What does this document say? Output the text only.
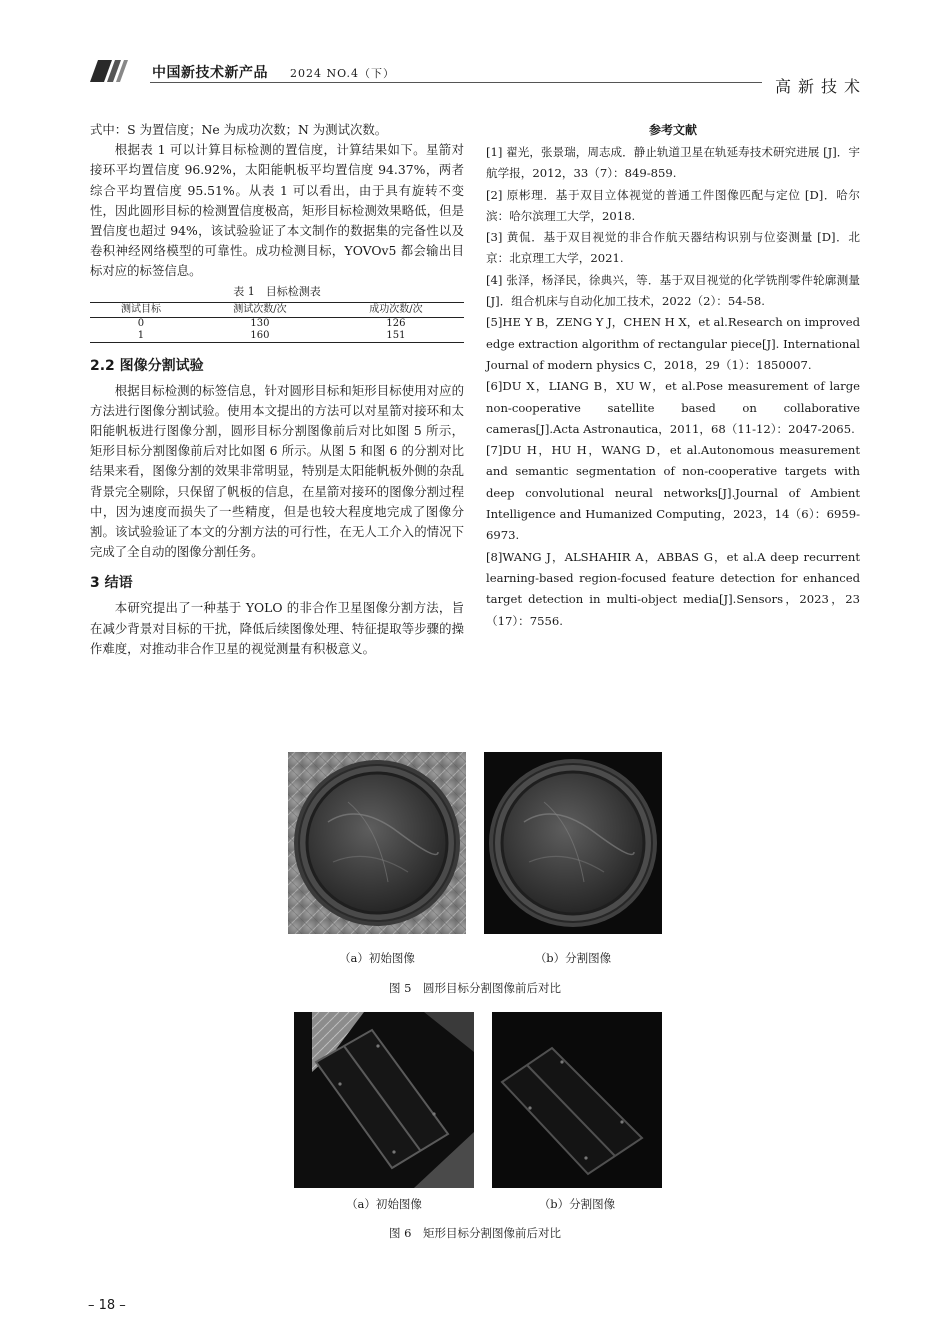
中国新技术新产品 2024 NO.4（下）
高新技术

式中：S 为置信度；Ne 为成功次数；N 为测试次数。

根据表 1 可以计算目标检测的置信度，计算结果如下。星箭对接环平均置信度 96.92%，太阳能帆板平均置信度 94.37%，两者综合平均置信度 95.51%。从表 1 可以看出，由于具有旋转不变性，因此圆形目标的检测置信度极高，矩形目标检测效果略低，但是置信度也超过 94%，该试验验证了本文制作的数据集的完备性以及卷积神经网络模型的可靠性。成功检测目标，YOVOv5 都会输出目标对应的标签信息。

表 1　目标检测表
测试目标	测试次数/次	成功次数/次
0	130	126
1	160	151
2.2 图像分割试验

根据目标检测的标签信息，针对圆形目标和矩形目标使用对应的方法进行图像分割试验。使用本文提出的方法可以对星箭对接环和太阳能帆板进行图像分割，圆形目标分割图像前后对比如图 5 所示，矩形目标分割图像前后对比如图 6 所示。从图 5 和图 6 的分割对比结果来看，图像分割的效果非常明显，特别是太阳能帆板外侧的杂乱背景完全剔除，只保留了帆板的信息，在星箭对接环的图像分割过程中，因为速度而损失了一些精度，但是也较大程度地完成了图像分割。该试验验证了本文的分割方法的可行性，在无人工介入的情况下完成了全自动的图像分割任务。

3 结语

本研究提出了一种基于 YOLO 的非合作卫星图像分割方法，旨在减少背景对目标的干扰，降低后续图像处理、特征提取等步骤的操作难度，对推动非合作卫星的视觉测量有积极意义。

参考文献

[1] 翟光，张景瑞，周志成．静止轨道卫星在轨延寿技术研究进展 [J]．宇航学报，2012，33（7）：849-859.

[2] 原彬理．基于双目立体视觉的普通工件图像匹配与定位 [D]．哈尔滨：哈尔滨理工大学，2018.

[3] 黄侃．基于双目视觉的非合作航天器结构识别与位姿测量 [D]．北京：北京理工大学，2021.

[4] 张泽，杨泽民，徐典兴，等．基于双目视觉的化学铣削零件轮廓测量 [J]．组合机床与自动化加工技术，2022（2）：54-58.

[5]HE Y B，ZENG Y J，CHEN H X，et al.Research on improved edge extraction algorithm of rectangular piece[J]. International Journal of modern physics C，2018，29（1）：1850007.

[6]DU X，LIANG B，XU W，et al.Pose measurement of large non-cooperative satellite based on collaborative cameras[J].Acta Astronautica，2011，68（11-12）：2047-2065.

[7]DU H，HU H，WANG D，et al.Autonomous measurement and semantic segmentation of non-cooperative targets with deep convolutional neural networks[J].Journal of Ambient Intelligence and Humanized Computing，2023，14（6）：6959-6973.

[8]WANG J，ALSHAHIR A，ABBAS G，et al.A deep recurrent learning-based region-focused feature detection for enhanced target detection in multi-object media[J].Sensors，2023，23（17）：7556.

（a）初始图像	（b）分割图像
图 5　圆形目标分割图像前后对比
（a）初始图像	（b）分割图像
图 6　矩形目标分割图像前后对比
– 18 –
